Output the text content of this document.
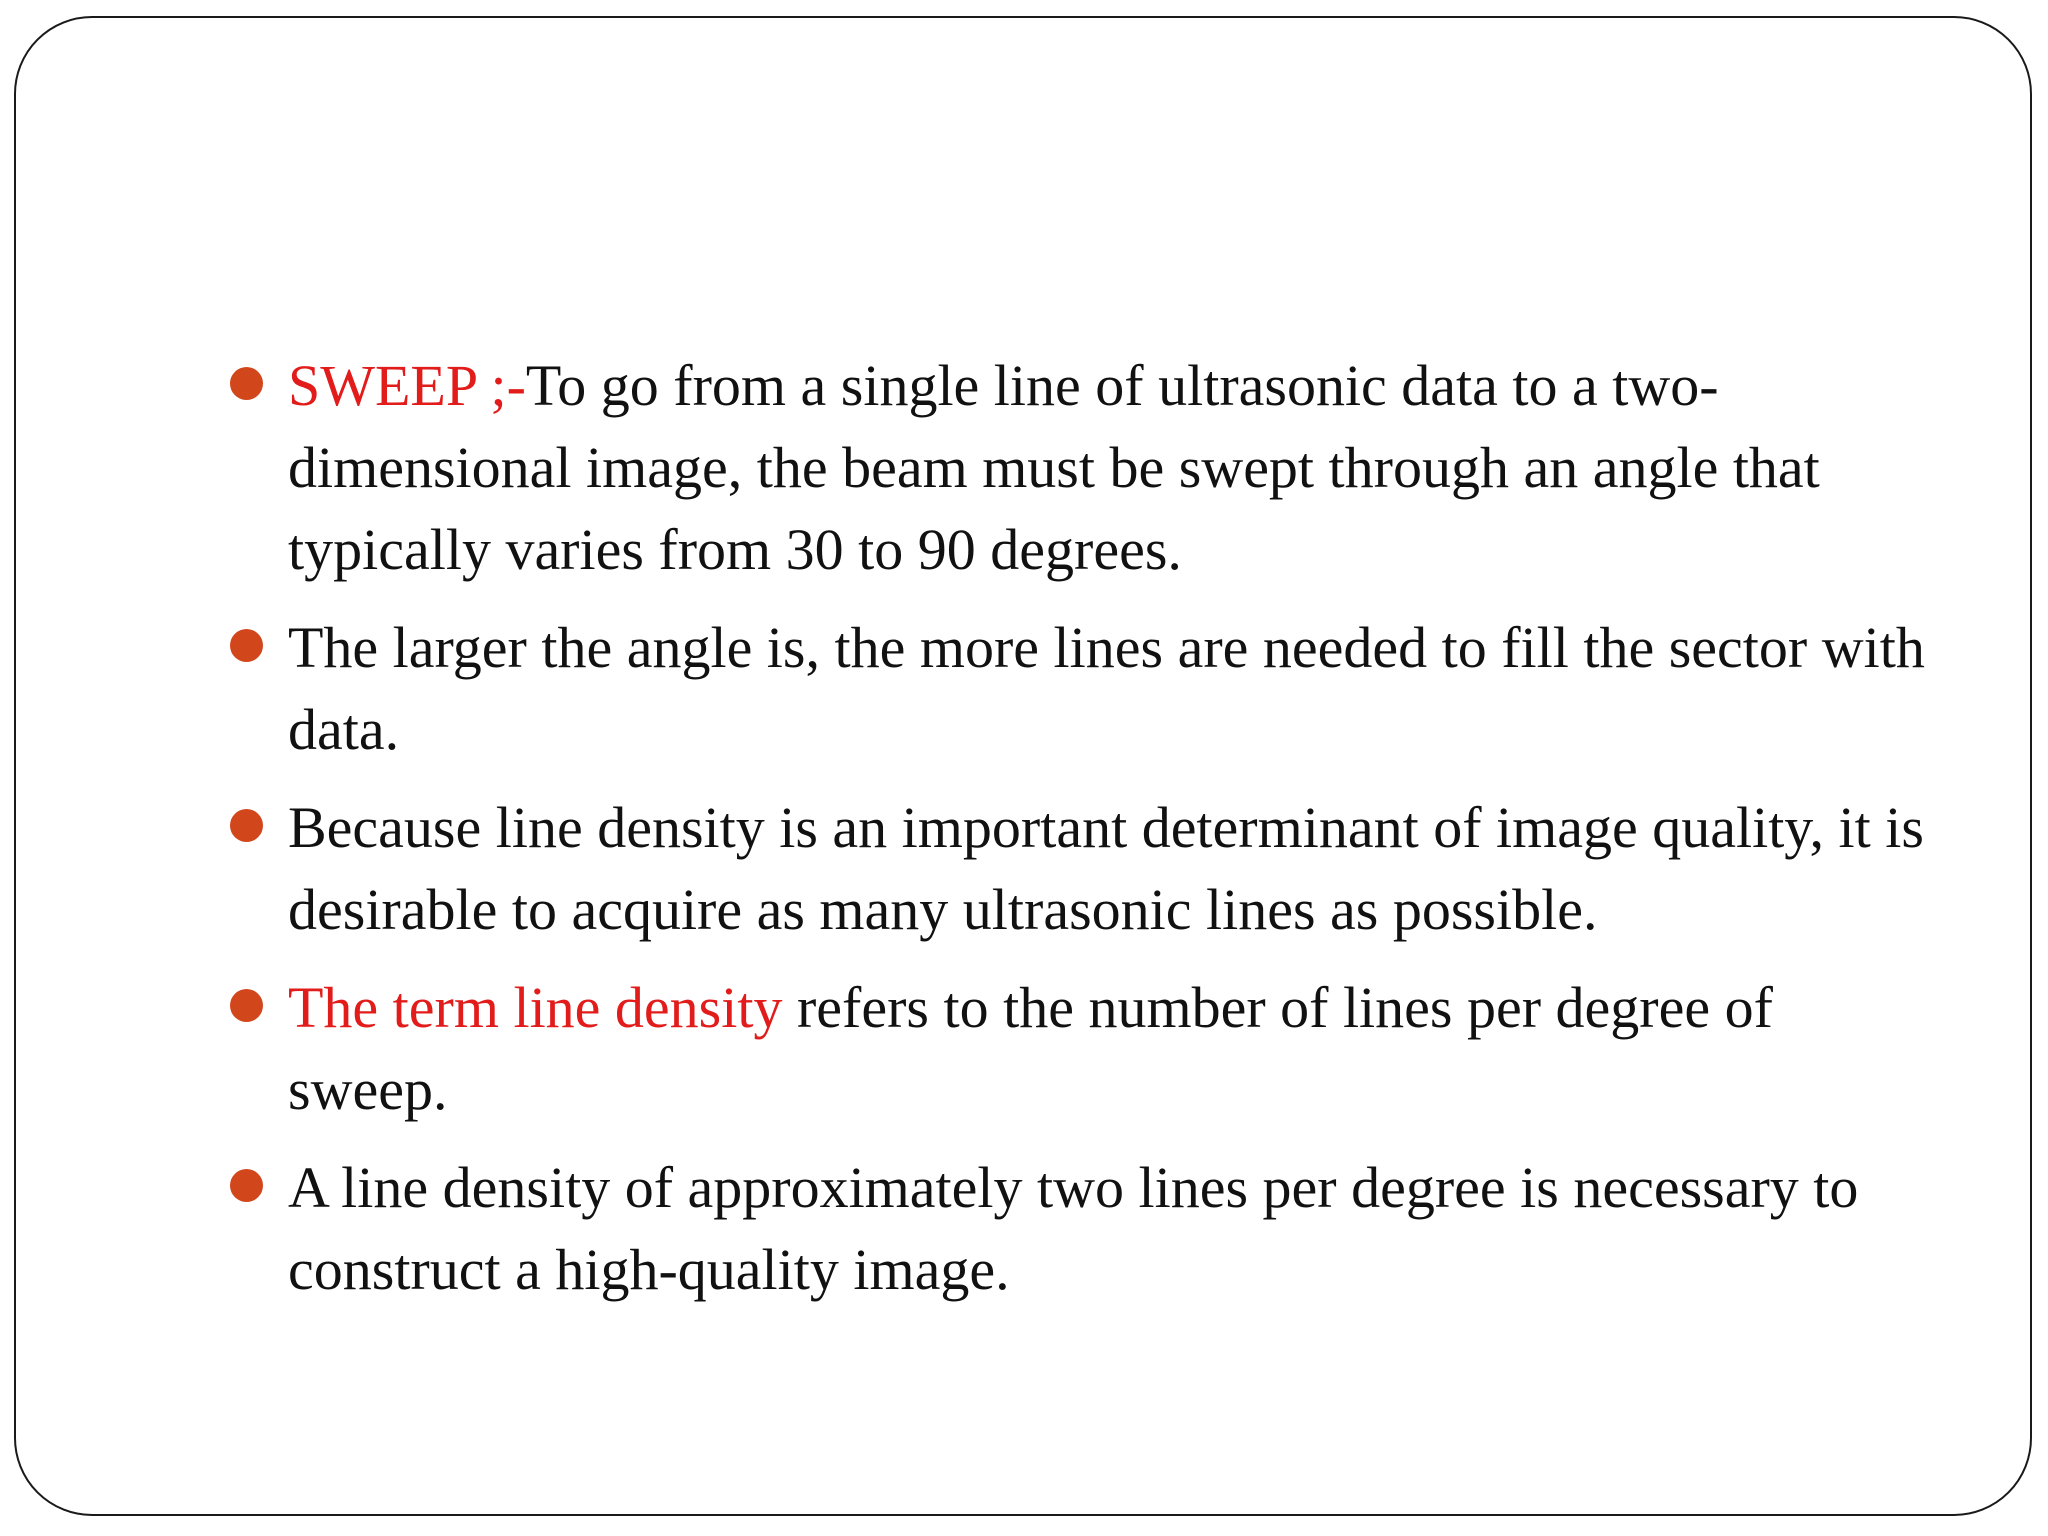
SWEEP ;-To go from a single line of ultrasonic data to a two-dimensional image, the beam must be swept through an angle that typically varies from 30 to 90 degrees.
The larger the angle is, the more lines are needed to fill the sector with data.
Because line density is an important determinant of image quality, it is desirable to acquire as many ultrasonic lines as possible.
The term line density refers to the number of lines per degree of sweep.
A line density of approximately two lines per degree is necessary to construct a high-quality image.
